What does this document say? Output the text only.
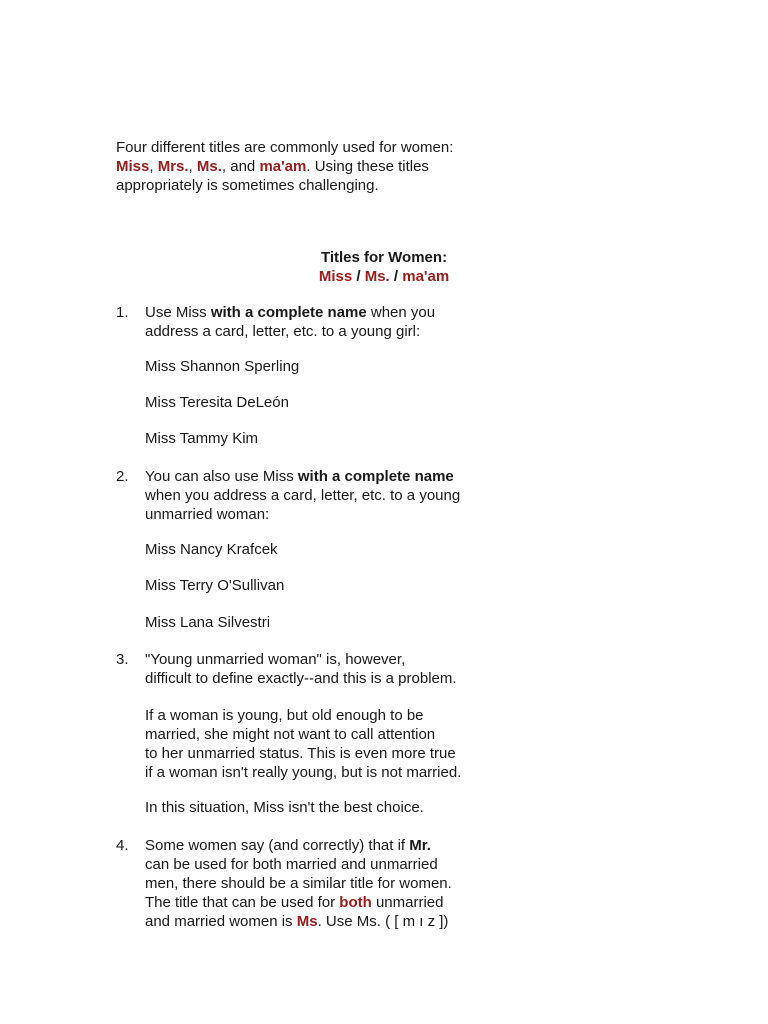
Four different titles are commonly used for women:
Miss, Mrs., Ms., and ma'am. Using these titles
appropriately is sometimes challenging.
Titles for Women:
Miss / Ms. / ma'am
1. Use Miss with a complete name when you
address a card, letter, etc. to a young girl:
Miss Shannon Sperling
Miss Teresita DeLeón
Miss Tammy Kim
2. You can also use Miss with a complete name
when you address a card, letter, etc. to a young
unmarried woman:
Miss Nancy Krafcek
Miss Terry O'Sullivan
Miss Lana Silvestri
3. "Young unmarried woman" is, however,
difficult to define exactly--and this is a problem.
If a woman is young, but old enough to be
married, she might not want to call attention
to her unmarried status. This is even more true
if a woman isn't really young, but is not married.
In this situation, Miss isn't the best choice.
4. Some women say (and correctly) that if Mr.
can be used for both married and unmarried
men, there should be a similar title for women.
The title that can be used for both unmarried
and married women is Ms. Use Ms. ( [ m ı z ])
